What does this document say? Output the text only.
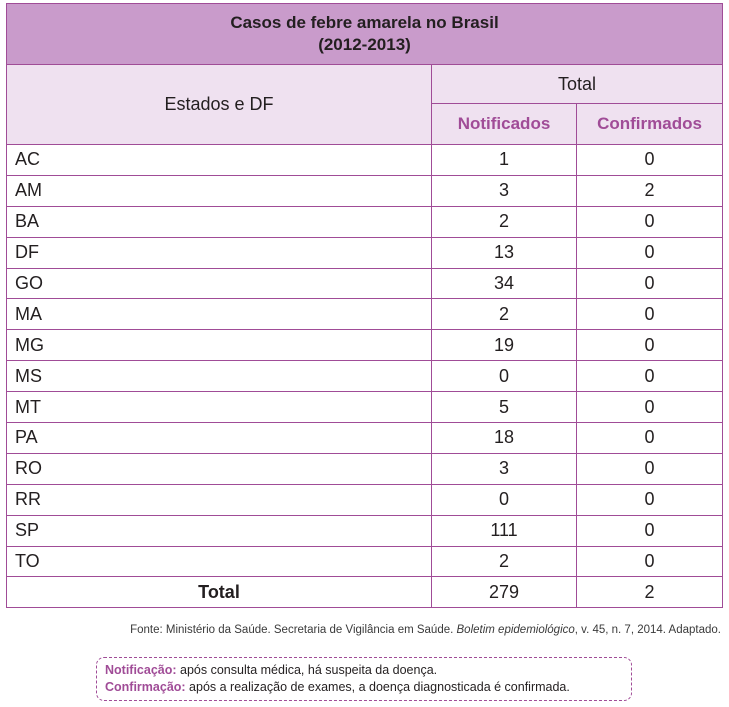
Casos de febre amarela no Brasil
(2012-2013)		

Estados e DF	Total	
	Notificados	Confirmados
AC	1	0
AM	3	2
BA	2	0
DF	13	0
GO	34	0
MA	2	0
MG	19	0
MS	0	0
MT	5	0
PA	18	0
RO	3	0
RR	0	0
SP	111	0
TO	2	0
Total	279	2
Fonte: Ministério da Saúde. Secretaria de Vigilância em Saúde. Boletim epidemiológico, v. 45, n. 7, 2014. Adaptado.
Notificação: após consulta médica, há suspeita da doença.
Confirmação: após a realização de exames, a doença diagnosticada é confirmada.
